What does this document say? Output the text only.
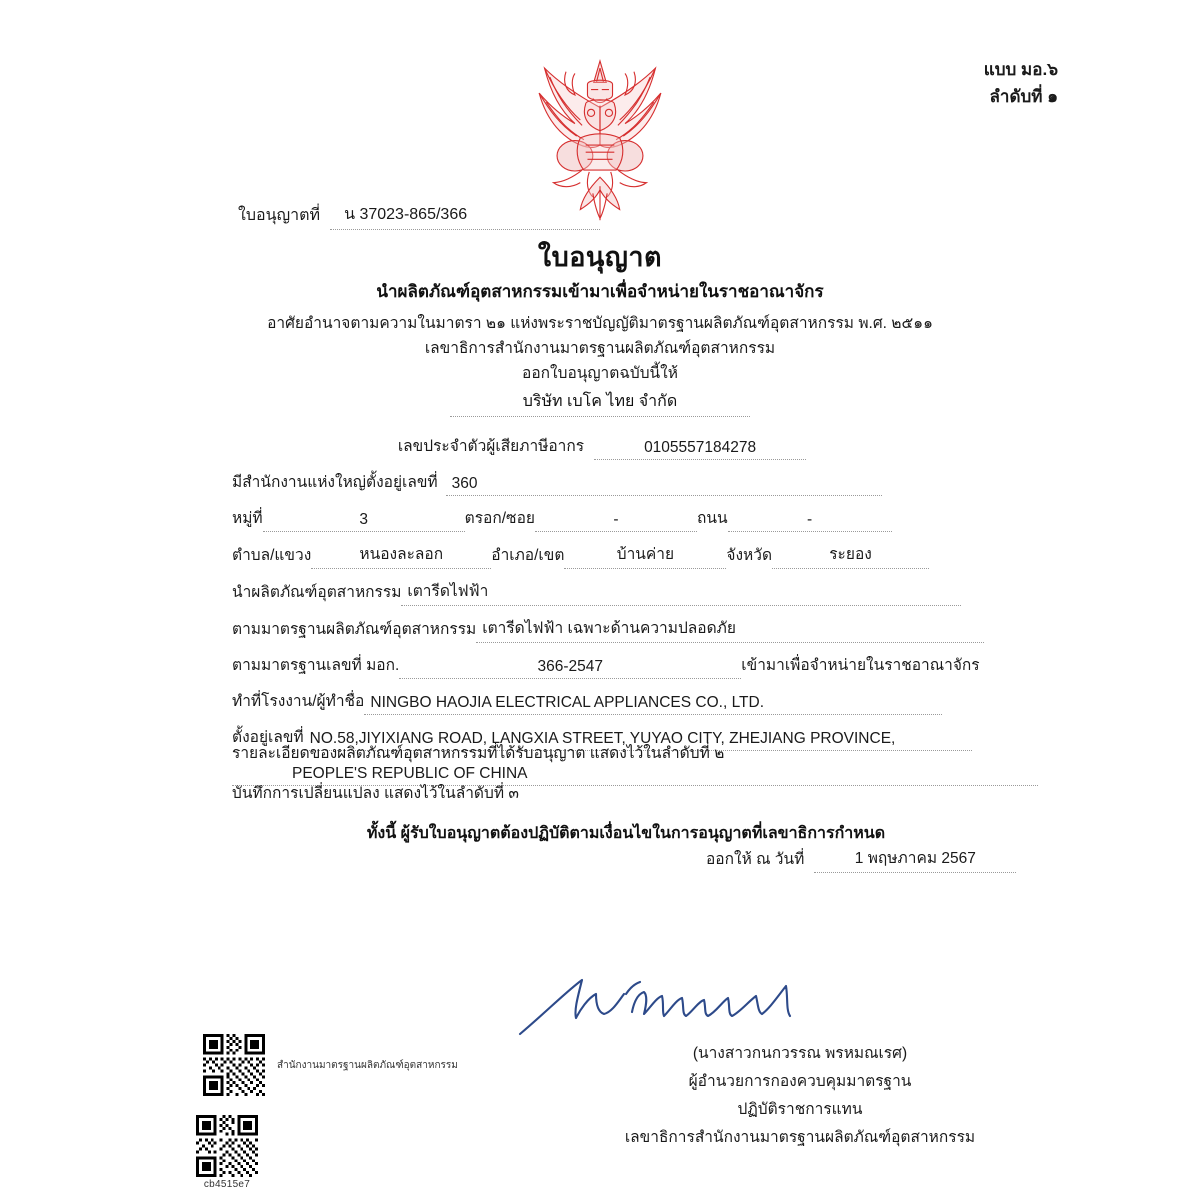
แบบ มอ.๖
ลำดับที่ ๑
ใบอนุญาตที่	น 37023-865/366
ใบอนุญาต
นำผลิตภัณฑ์อุตสาหกรรมเข้ามาเพื่อจำหน่ายในราชอาณาจักร
อาศัยอำนาจตามความในมาตรา ๒๑ แห่งพระราชบัญญัติมาตรฐานผลิตภัณฑ์อุตสาหกรรม พ.ศ. ๒๕๑๑
เลขาธิการสำนักงานมาตรฐานผลิตภัณฑ์อุตสาหกรรม
ออกใบอนุญาตฉบับนี้ให้
บริษัท เบโค ไทย จำกัด
เลขประจำตัวผู้เสียภาษีอากร	0105557184278
มีสำนักงานแห่งใหญ่ตั้งอยู่เลขที่ 360
หมู่ที่	3	ตรอก/ซอย	-	ถนน	-
ตำบล/แขวง	หนองละลอก	อำเภอ/เขต	บ้านค่าย	จังหวัด	ระยอง
นำผลิตภัณฑ์อุตสาหกรรม เตารีดไฟฟ้า
ตามมาตรฐานผลิตภัณฑ์อุตสาหกรรม เตารีดไฟฟ้า เฉพาะด้านความปลอดภัย
ตามมาตรฐานเลขที่ มอก.	366-2547	เข้ามาเพื่อจำหน่ายในราชอาณาจักร
ทำที่โรงงาน/ผู้ทำชื่อ NINGBO HAOJIA ELECTRICAL APPLIANCES CO., LTD.
ตั้งอยู่เลขที่ NO.58,JIYIXIANG ROAD, LANGXIA STREET, YUYAO CITY, ZHEJIANG PROVINCE,
PEOPLE'S REPUBLIC OF CHINA
รายละเอียดของผลิตภัณฑ์อุตสาหกรรมที่ได้รับอนุญาต แสดงไว้ในลำดับที่ ๒
บันทึกการเปลี่ยนแปลง แสดงไว้ในลำดับที่ ๓
ทั้งนี้ ผู้รับใบอนุญาตต้องปฏิบัติตามเงื่อนไขในการอนุญาตที่เลขาธิการกำหนด
ออกให้ ณ วันที่	1 พฤษภาคม 2567
(นางสาวกนกวรรณ พรหมณเรศ)
ผู้อำนวยการกองควบคุมมาตรฐาน
ปฏิบัติราชการแทน
เลขาธิการสำนักงานมาตรฐานผลิตภัณฑ์อุตสาหกรรม
สำนักงานมาตรฐานผลิตภัณฑ์อุตสาหกรรม
cb4515e7
